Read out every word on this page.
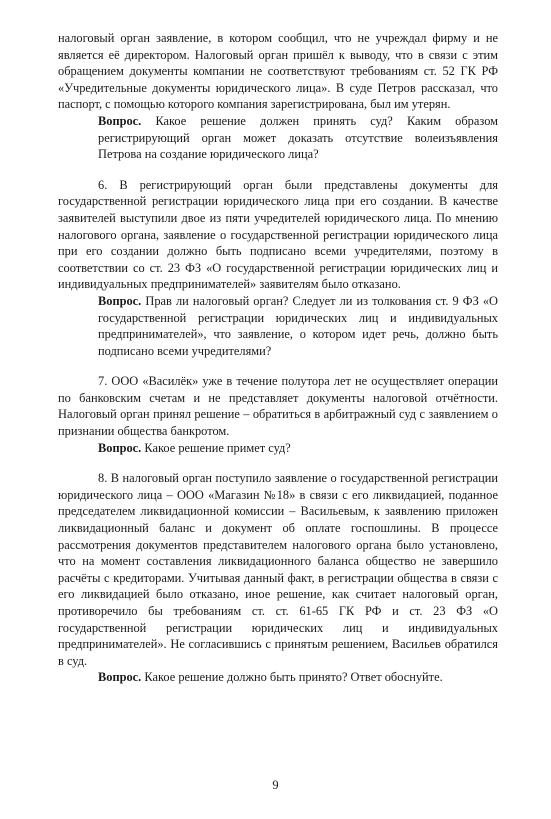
налоговый орган заявление, в котором сообщил, что не учреждал фирму и не является её директором. Налоговый орган пришёл к выводу, что в связи с этим обращением документы компании не соответствуют требованиям ст. 52 ГК РФ «Учредительные документы юридического лица». В суде Петров рассказал, что паспорт, с помощью которого компания зарегистрирована, был им утерян.

Вопрос. Какое решение должен принять суд? Каким образом регистрирующий орган может доказать отсутствие волеизъявления Петрова на создание юридического лица?

6. В регистрирующий орган были представлены документы для государственной регистрации юридического лица при его создании. В качестве заявителей выступили двое из пяти учредителей юридического лица. По мнению налогового органа, заявление о государственной регистрации юридического лица при его создании должно быть подписано всеми учредителями, поэтому в соответствии со ст. 23 ФЗ «О государственной регистрации юридических лиц и индивидуальных предпринимателей» заявителям было отказано.

Вопрос. Прав ли налоговый орган? Следует ли из толкования ст. 9 ФЗ «О государственной регистрации юридических лиц и индивидуальных предпринимателей», что заявление, о котором идет речь, должно быть подписано всеми учредителями?

7. ООО «Василёк» уже в течение полутора лет не осуществляет операции по банковским счетам и не представляет документы налоговой отчётности. Налоговый орган принял решение – обратиться в арбитражный суд с заявлением о признании общества банкротом.

Вопрос. Какое решение примет суд?

8. В налоговый орган поступило заявление о государственной регистрации юридического лица – ООО «Магазин №18» в связи с его ликвидацией, поданное председателем ликвидационной комиссии – Васильевым, к заявлению приложен ликвидационный баланс и документ об оплате госпошлины. В процессе рассмотрения документов представителем налогового органа было установлено, что на момент составления ликвидационного баланса общество не завершило расчёты с кредиторами. Учитывая данный факт, в регистрации общества в связи с его ликвидацией было отказано, иное решение, как считает налоговый орган, противоречило бы требованиям ст. ст. 61-65 ГК РФ и ст. 23 ФЗ «О государственной регистрации юридических лиц и индивидуальных предпринимателей». Не согласившись с принятым решением, Васильев обратился в суд.

Вопрос. Какое решение должно быть принято? Ответ обоснуйте.

9
